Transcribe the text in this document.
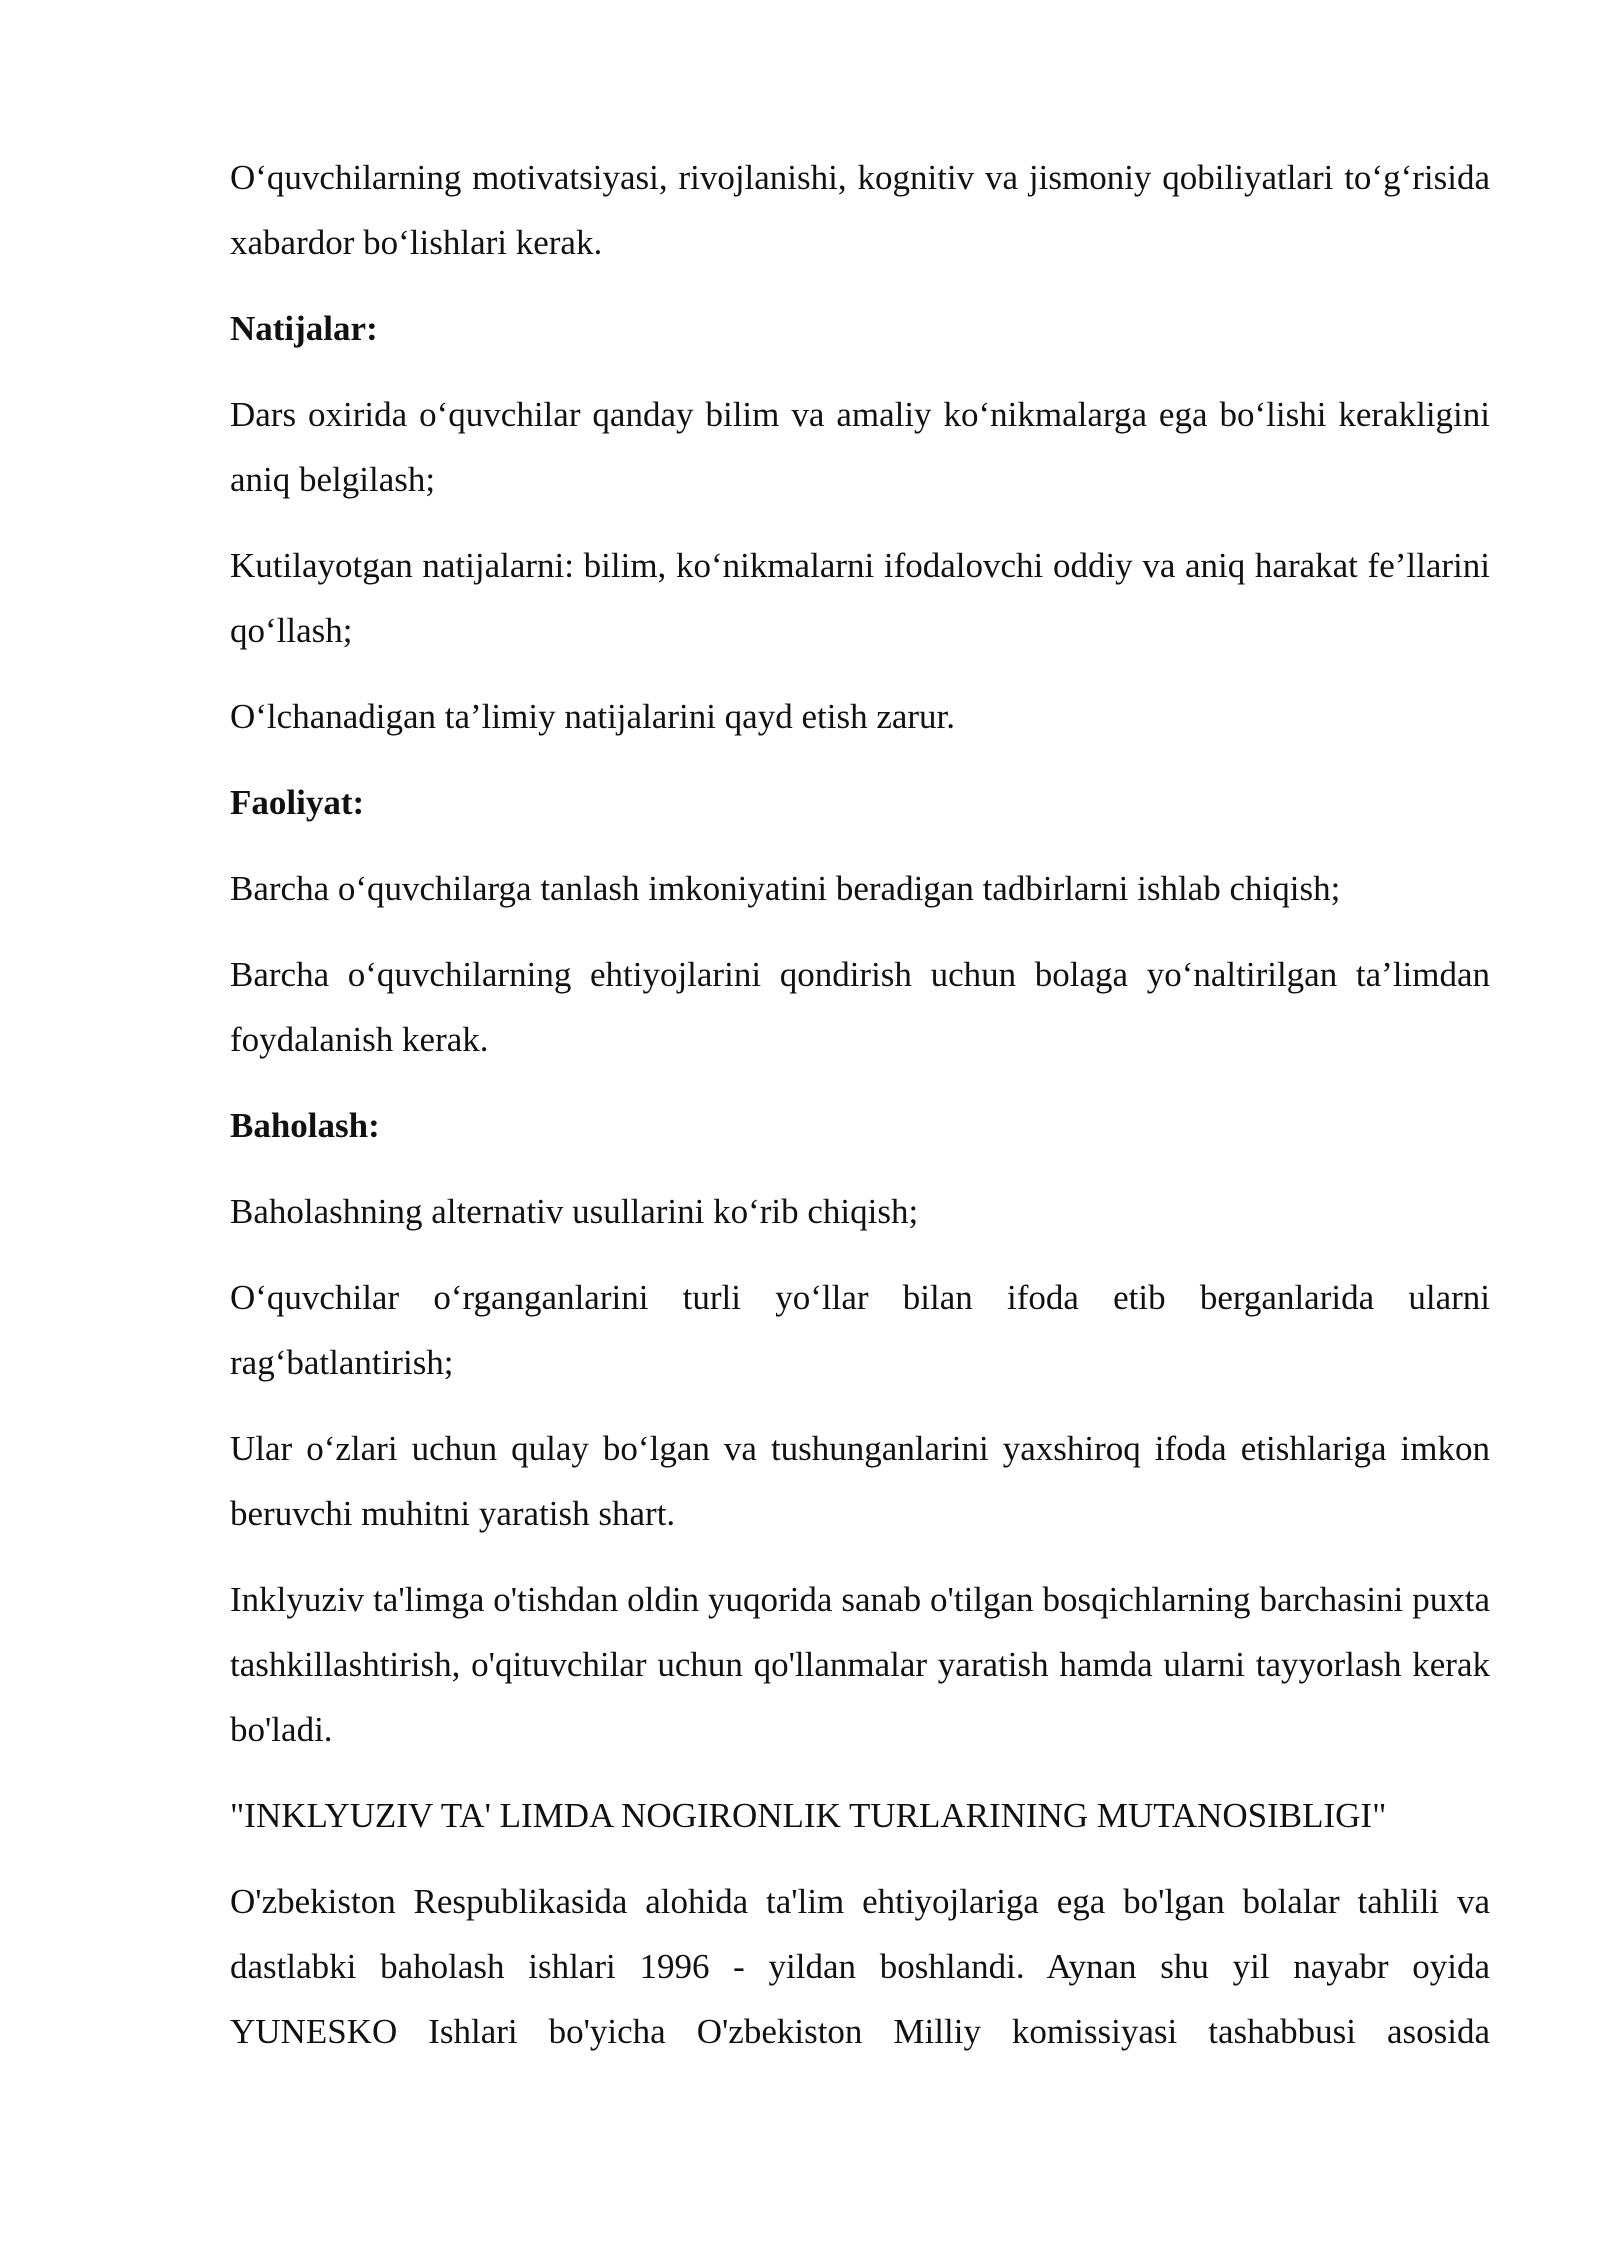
O‘quvchilarning motivatsiyasi, rivojlanishi, kognitiv va jismoniy qobiliyatlari to‘g‘risida xabardor bo‘lishlari kerak.

Natijalar:

Dars oxirida o‘quvchilar qanday bilim va amaliy ko‘nikmalarga ega bo‘lishi kerakligini aniq belgilash;

Kutilayotgan natijalarni: bilim, ko‘nikmalarni ifodalovchi oddiy va aniq harakat fe’llarini qo‘llash;

O‘lchanadigan ta’limiy natijalarini qayd etish zarur.

Faoliyat:

Barcha o‘quvchilarga tanlash imkoniyatini beradigan tadbirlarni ishlab chiqish;

Barcha o‘quvchilarning ehtiyojlarini qondirish uchun bolaga yo‘naltirilgan ta’limdan foydalanish kerak.

Baholash:

Baholashning alternativ usullarini ko‘rib chiqish;

O‘quvchilar o‘rganganlarini turli yo‘llar bilan ifoda etib berganlarida ularni rag‘batlantirish;

Ular o‘zlari uchun qulay bo‘lgan va tushunganlarini yaxshiroq ifoda etishlariga imkon beruvchi muhitni yaratish shart.

Inklyuziv ta'limga o'tishdan oldin yuqorida sanab o'tilgan bosqichlarning barchasini puxta tashkillashtirish, o'qituvchilar uchun qo'llanmalar yaratish hamda ularni tayyorlash kerak bo'ladi.

"INKLYUZIV TA' LIMDA NOGIRONLIK TURLARINING MUTANOSIBLIGI"

O'zbekiston Respublikasida alohida ta'lim ehtiyojlariga ega bo'lgan bolalar tahlili va dastlabki baholash ishlari 1996 - yildan boshlandi. Aynan shu yil nayabr oyida YUNESKO Ishlari bo'yicha O'zbekiston Milliy komissiyasi tashabbusi asosida
